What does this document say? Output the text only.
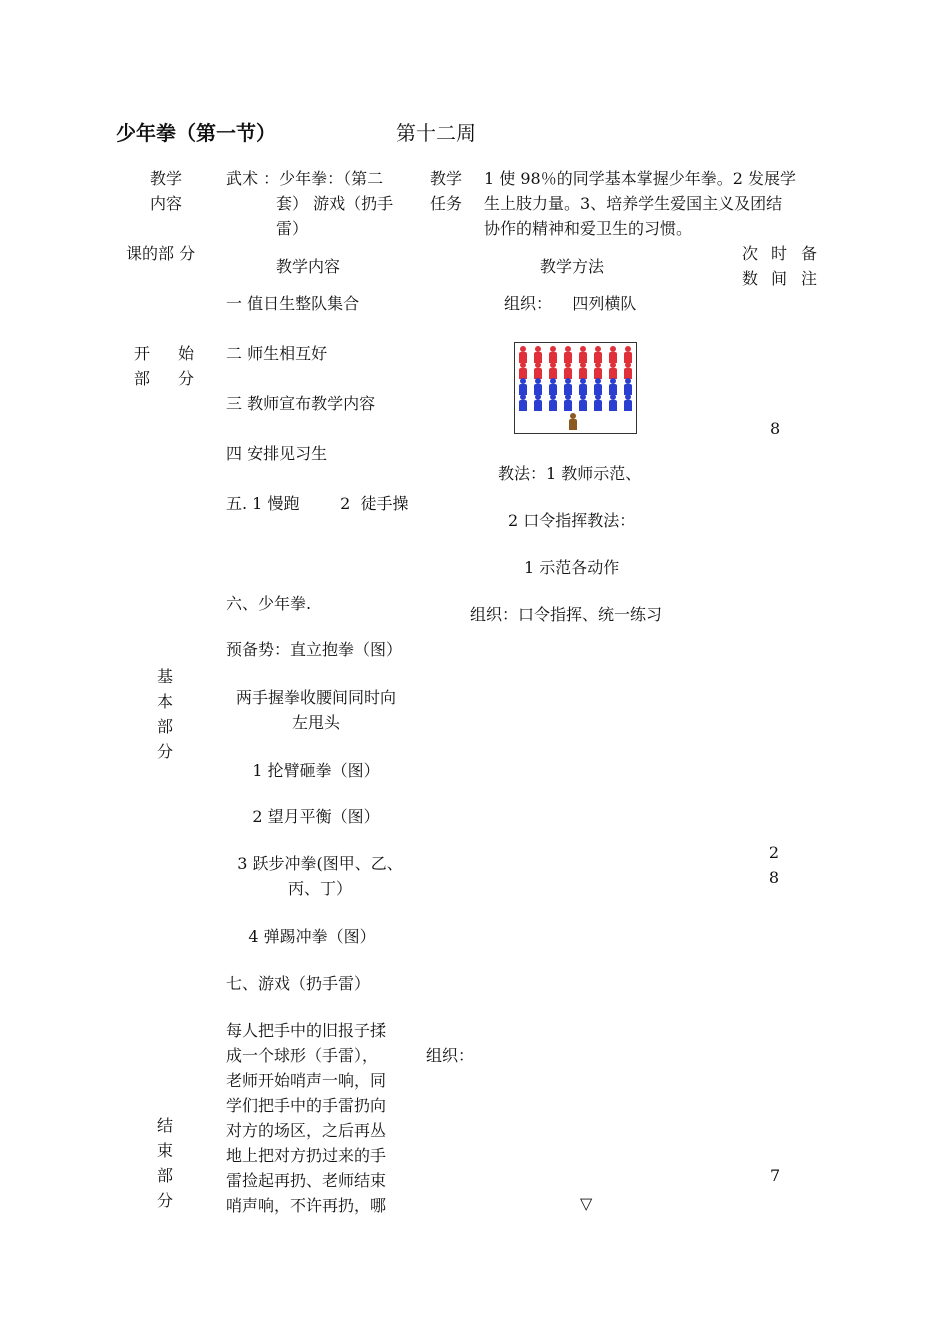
少年拳（第一节）	第十二周
教学
内容
武术 ：少年拳：（第二
套） 游戏（扔手
雷）
教学
任务
1 使 98％的同学基本掌握少年拳。2 发展学
生上肢力量。3、培养学生爱国主义及团结
协作的精神和爱卫生的习惯。
课的部 分
教学内容	教学方法
次 时 备
数 间 注
开 始
部 分
基
本
部
分
结
束
部
分
一 值日生整队集合
二 师生相互好
三 教师宣布教学内容
四 安排见习生
五. 1 慢跑        2  徒手操
六、少年拳.
预备势：直立抱拳（图）
两手握拳收腰间同时向
左甩头
1 抡臂砸拳（图）
2 望月平衡（图）
3 跃步冲拳(图甲、乙、
丙、丁）
4 弹踢冲拳（图）
七、游戏（扔手雷）
每人把手中的旧报子揉
成一个球形（手雷），
老师开始哨声一响，同
学们把手中的手雷扔向
对方的场区，之后再丛
地上把对方扔过来的手
雷捡起再扔、老师结束
哨声响，不许再扔，哪
组织：    四列横队
教法：1 教师示范、
2 口令指挥教法：
1 示范各动作
组织：口令指挥、统一练习
组织：
▽
8
2
8
7
